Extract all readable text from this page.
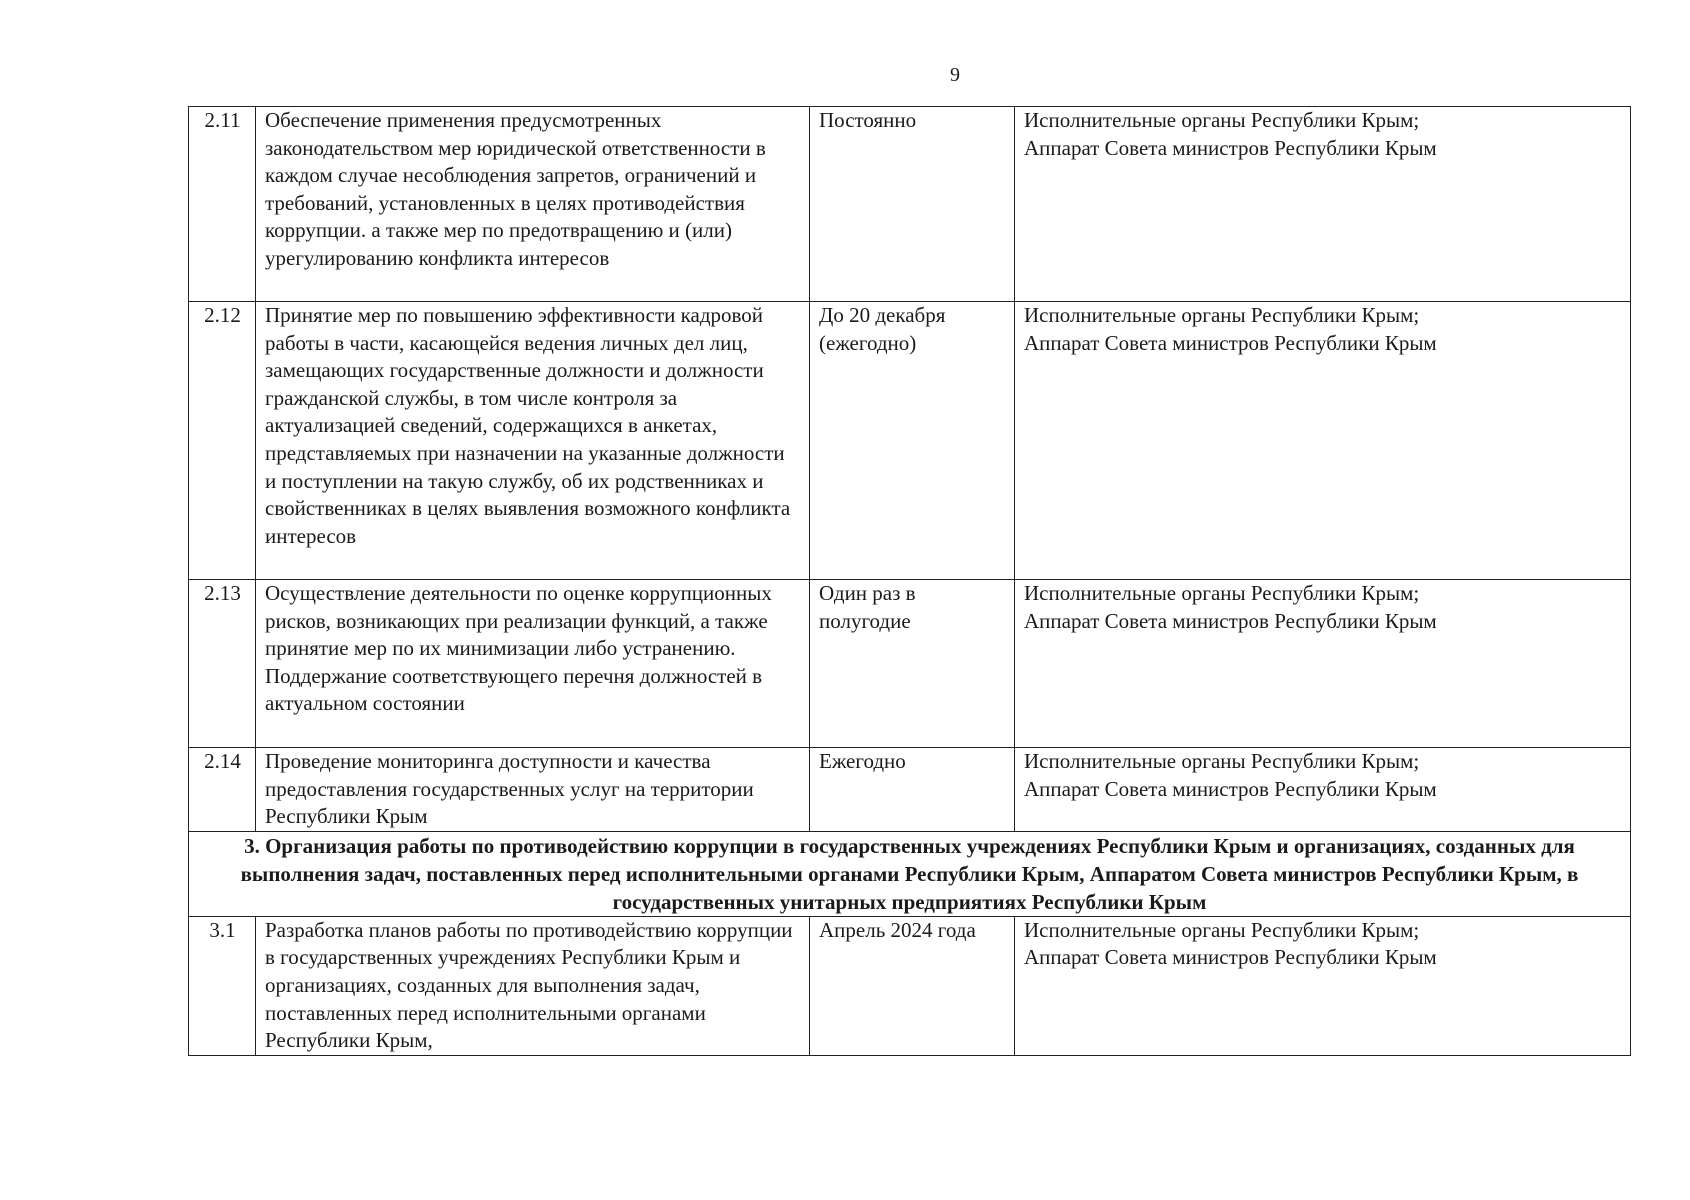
9
2.11	Обеспечение применения предусмотренных законодательством мер юридической ответственности в каждом случае несоблюдения запретов, ограничений и требований, установленных в целях противодействия коррупции. а также мер по предотвращению и (или) урегулированию конфликта интересов	Постоянно	Исполнительные органы Республики Крым;
Аппарат Совета министров Республики Крым

2.12	Принятие мер по повышению эффективности кадровой работы в части, касающейся ведения личных дел лиц, замещающих государственные должности и должности гражданской службы, в том числе контроля за актуализацией сведений, содержащихся в анкетах, представляемых при назначении на указанные должности и поступлении на такую службу, об их родственниках и свойственниках в целях выявления возможного конфликта интересов	До 20 декабря (ежегодно)	Исполнительные органы Республики Крым;
Аппарат Совета министров Республики Крым

2.13	Осуществление деятельности по оценке коррупционных рисков, возникающих при реализации функций, а также принятие мер по их минимизации либо устранению. Поддержание соответствующего перечня должностей в актуальном состоянии	Один раз в полугодие	Исполнительные органы Республики Крым;
Аппарат Совета министров Республики Крым

2.14	Проведение мониторинга доступности и качества предоставления государственных услуг на территории Республики Крым	Ежегодно	Исполнительные органы Республики Крым;
Аппарат Совета министров Республики Крым

3. Организация работы по противодействию коррупции в государственных учреждениях Республики Крым и организациях, созданных для выполнения задач, поставленных перед исполнительными органами Республики Крым, Аппаратом Совета министров Республики Крым, в государственных унитарных предприятиях Республики Крым			
3.1	Разработка планов работы по противодействию коррупции в государственных учреждениях Республики Крым и организациях, созданных для выполнения задач, поставленных перед исполнительными органами Республики Крым,	Апрель 2024 года	Исполнительные органы Республики Крым;
Аппарат Совета министров Республики Крым
